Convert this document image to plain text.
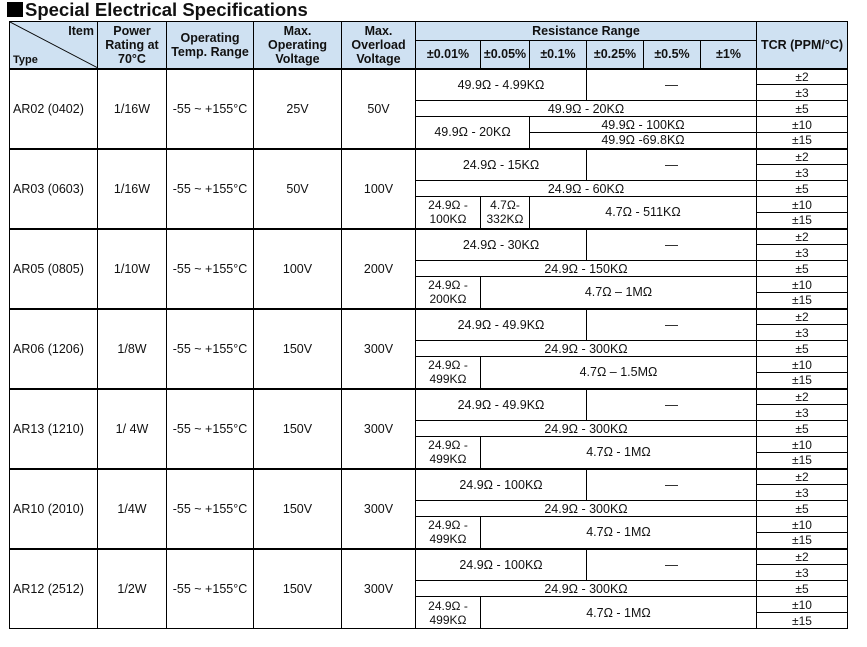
Special Electrical Specifications
Item
Type	Power Rating at 70°C	Operating Temp. Range	Max. Operating Voltage	Max. Overload Voltage	Resistance Range						TCR (PPM/°C)
					±0.01%	±0.05%	±0.1%	±0.25%	±0.5%	±1%	
AR02 (0402)	1/16W	-55 ~ +155°C	25V	50V	49.9Ω - 4.99KΩ			—			±2
											±3
					49.9Ω - 20KΩ						±5
					49.9Ω - 20KΩ		49.9Ω - 100KΩ				±10
							49.9Ω -69.8KΩ				±15
AR03 (0603)	1/16W	-55 ~ +155°C	50V	100V	24.9Ω - 15KΩ			—			±2
											±3
					24.9Ω - 60KΩ						±5
					24.9Ω - 100KΩ	4.7Ω- 332KΩ	4.7Ω - 511KΩ				±10
											±15
AR05 (0805)	1/10W	-55 ~ +155°C	100V	200V	24.9Ω - 30KΩ			—			±2
											±3
					24.9Ω - 150KΩ						±5
					24.9Ω - 200KΩ	4.7Ω – 1MΩ					±10
											±15
AR06 (1206)	1/8W	-55 ~ +155°C	150V	300V	24.9Ω - 49.9KΩ			—			±2
											±3
					24.9Ω - 300KΩ						±5
					24.9Ω - 499KΩ	4.7Ω – 1.5MΩ					±10
											±15
AR13 (1210)	1/ 4W	-55 ~ +155°C	150V	300V	24.9Ω - 49.9KΩ			—			±2
											±3
					24.9Ω - 300KΩ						±5
					24.9Ω - 499KΩ	4.7Ω - 1MΩ					±10
											±15
AR10 (2010)	1/4W	-55 ~ +155°C	150V	300V	24.9Ω - 100KΩ			—			±2
											±3
					24.9Ω - 300KΩ						±5
					24.9Ω - 499KΩ	4.7Ω - 1MΩ					±10
											±15
AR12 (2512)	1/2W	-55 ~ +155°C	150V	300V	24.9Ω - 100KΩ			—			±2
											±3
					24.9Ω - 300KΩ						±5
					24.9Ω - 499KΩ	4.7Ω - 1MΩ					±10
											±15
